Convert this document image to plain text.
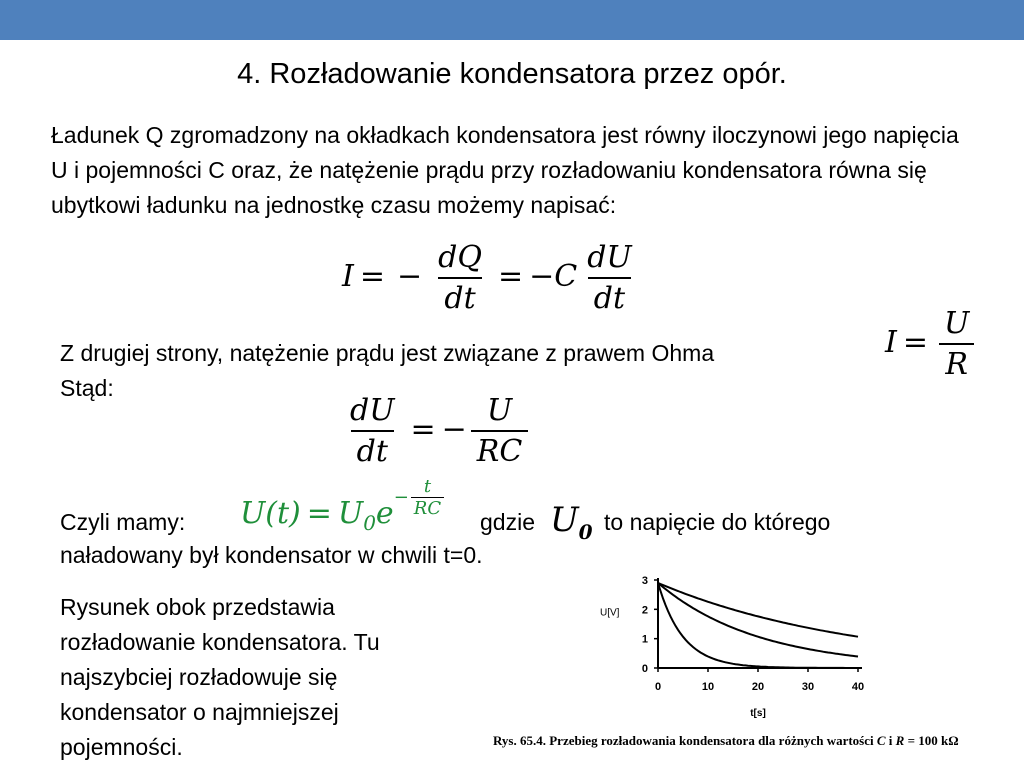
4. Rozładowanie kondensatora przez opór.
Ładunek Q zgromadzony na okładkach kondensatora jest równy iloczynowi jego napięcia U i pojemności C oraz, że natężenie prądu przy rozładowaniu kondensatora równa się ubytkowi ładunku na jednostkę czasu możemy napisać:
I = − $\frac{dQ}{dt} = -C \frac{dU}{dt}$
Z drugiej strony, natężenie prądu jest związane z prawem Ohma
Stąd:
$I = \frac{U}{R}$
$\frac{dU}{dt}$ = − $\frac{U}{RC}$
Czyli mamy: $U(t) = U_0e - \frac{t}{RC}$
gdzie $U_0$ to napięcie do którego
naładowany był kondensator w chwili t=0.
Rysunek obok przedstawia rozładowanie kondensatora. Tu najszybciej rozładowuje się kondensator o najmniejszej pojemności.
0	10	20	30	40
0
1
2
3
t[s]
U[V]
Rys. 65.4. Przebieg rozładowania kondensatora dla różnych wartości C i R = 100 kΩ
